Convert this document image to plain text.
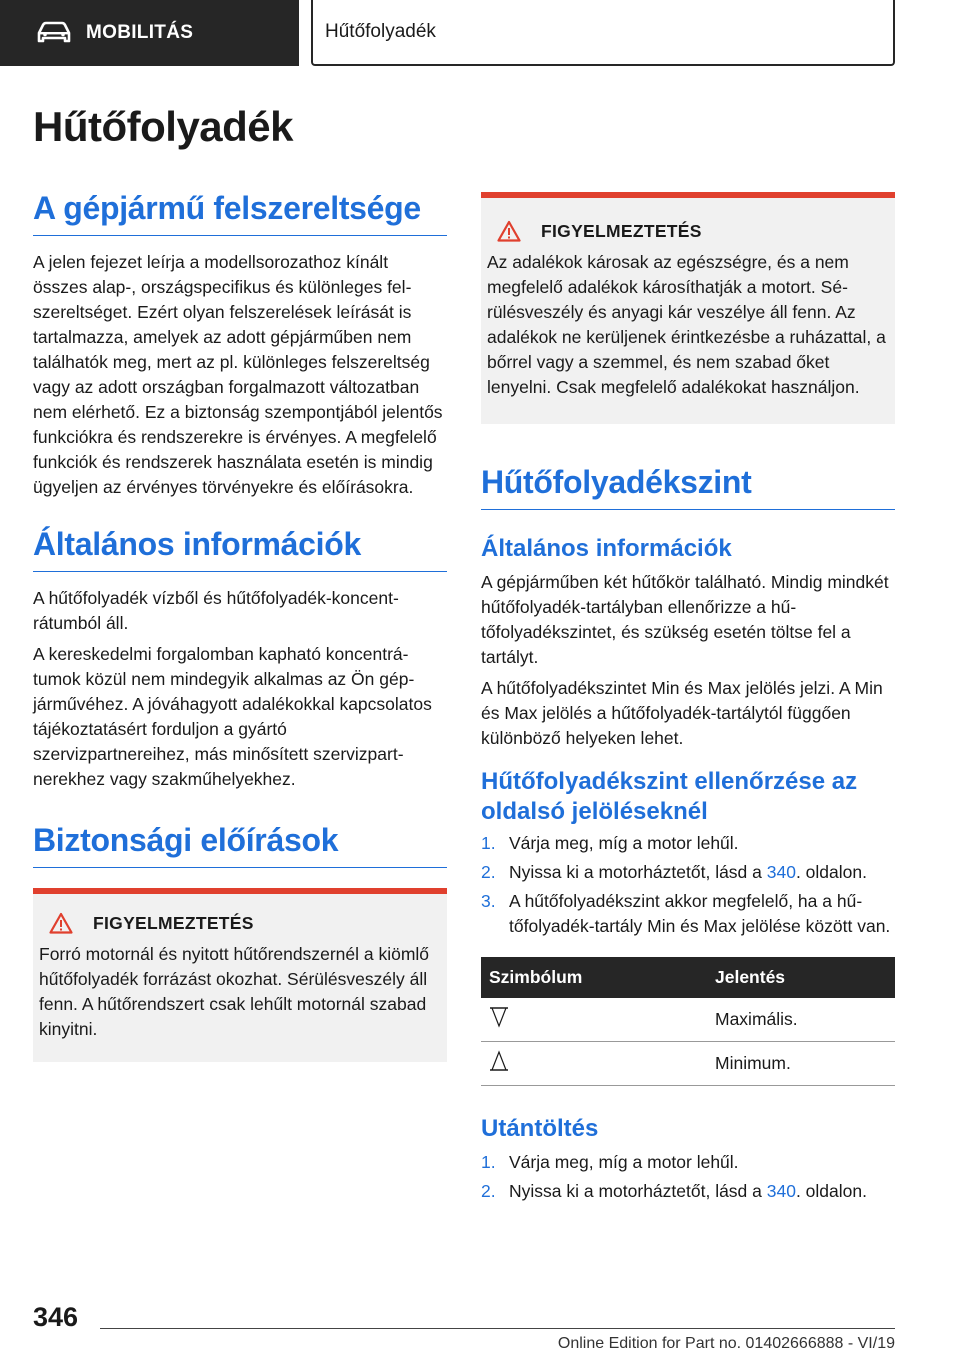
MOBILITÁS	Hűtőfolyadék
Hűtőfolyadék
A gépjármű felszereltsége

A jelen fejezet leírja a modellsorozathoz kínált összes alap-, országspecifikus és különleges felszereltséget. Ezért olyan felszerelések leírását is tartalmazza, amelyek az adott gépjárműben nem találhatók meg, mert az pl. különleges felszereltség vagy az adott országban forgalmazott változatban nem elérhető. Ez a biztonság szempontjából jelentős funkciókra és rendszerekre is érvényes. A megfelelő funkciók és rendszerek használata esetén is mindig ügyeljen az érvényes törvényekre és előírásokra.

Általános információk

A hűtőfolyadék vízből és hűtőfolyadék-koncentrátumból áll.

A kereskedelmi forgalomban kapható koncentrátumok közül nem mindegyik alkalmas az Ön gépjárművéhez. A jóváhagyott adalékokkal kapcsolatos tájékoztatásért forduljon a gyártó szervizpartnereihez, más minősített szervizpartnerekhez vagy szakműhelyekhez.

Biztonsági előírások
FIGYELMEZTETÉS

Forró motornál és nyitott hűtőrendszernél a kiömlő hűtőfolyadék forrázást okozhat. Sérülésveszély áll fenn. A hűtőrendszert csak lehűlt motornál szabad kinyitni.

FIGYELMEZTETÉS

Az adalékok károsak az egészségre, és a nem megfelelő adalékok károsíthatják a motort. Sérülésveszély és anyagi kár veszélye áll fenn. Az adalékok ne kerüljenek érintkezésbe a ruházattal, a bőrrel vagy a szemmel, és nem szabad őket lenyelni. Csak megfelelő adalékokat használjon.

Hűtőfolyadékszint
Általános információk

A gépjárműben két hűtőkör található. Mindig mindkét hűtőfolyadék-tartályban ellenőrizze a hűtőfolyadékszintet, és szükség esetén töltse fel a tartályt.

A hűtőfolyadékszintet Min és Max jelölés jelzi. A Min és Max jelölés a hűtőfolyadék-tartálytól függően különböző helyeken lehet.

Hűtőfolyadékszint ellenőrzése az oldalsó jelöléseknél
1. Várja meg, míg a motor lehűl.
2. Nyissa ki a motorháztetőt, lásd a 340. oldalon.
3. A hűtőfolyadékszint akkor megfelelő, ha a hűtőfolyadék-tartály Min és Max jelölése között van.
Szimbólum	Jelentés
	Maximális.
	Minimum.
Utántöltés
1. Várja meg, míg a motor lehűl.
2. Nyissa ki a motorháztetőt, lásd a 340. oldalon.
346
Online Edition for Part no. 01402666888 - VI/19
